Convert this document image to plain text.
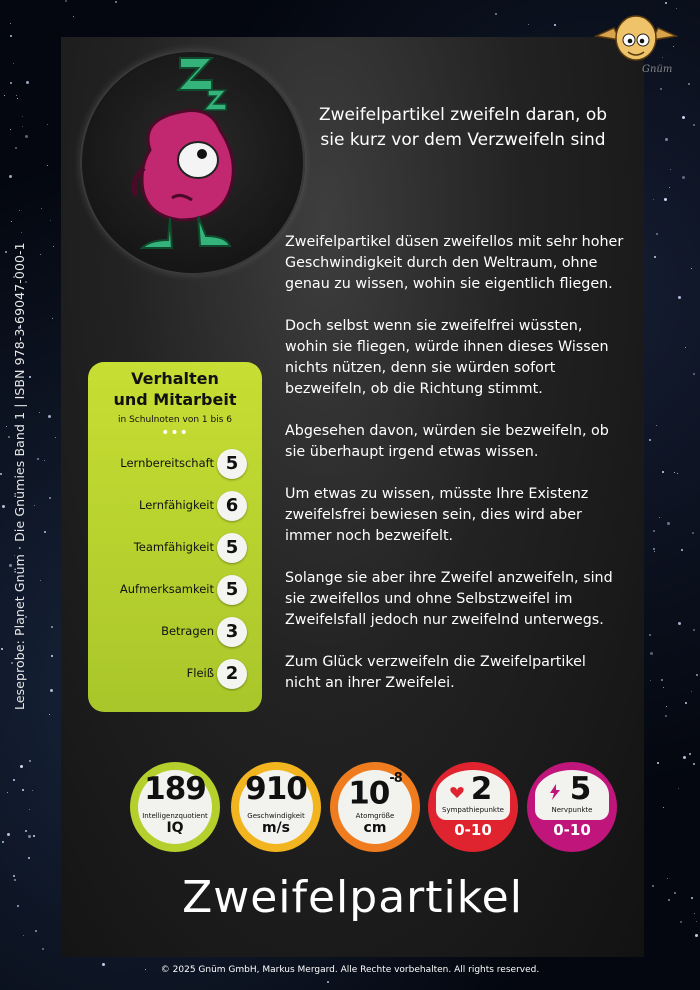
Leseprobe: Planet Gnüm · Die Gnümies Band 1 | ISBN 978-3-69047-000-1
Gnüm
Zweifelpartikel zweifeln daran, ob sie kurz vor dem Verzweifeln sind

Zweifelpartikel düsen zweifellos mit sehr hoher Geschwindigkeit durch den Weltraum, ohne genau zu wissen, wohin sie eigentlich fliegen.

Doch selbst wenn sie zweifelfrei wüssten, wohin sie fliegen, würde ihnen dieses Wissen nichts nützen, denn sie würden sofort bezweifeln, ob die Richtung stimmt.

Abgesehen davon, würden sie bezweifeln, ob sie überhaupt irgend etwas wissen.

Um etwas zu wissen, müsste Ihre Existenz zweifelsfrei bewiesen sein, dies wird aber immer noch bezweifelt.

Solange sie aber ihre Zweifel anzweifeln, sind sie zweifellos und ohne Selbstzweifel im Zweifelsfall jedoch nur zweifelnd unterwegs.

Zum Glück verzweifeln die Zweifelpartikel nicht an ihrer Zweifelei.

Verhalten
und Mitarbeit
in Schulnoten von 1 bis 6
•••
Lernbereitschaft 5
Lernfähigkeit 6
Teamfähigkeit 5
Aufmerksamkeit 5
Betragen 3
Fleiß 2
189
Intelligenzquotient
IQ
910
Geschwindigkeit
m/s
$10^{-8}$
Atomgröße
cm
2
Sympathiepunkte
0-10
5
Nervpunkte
0-10
Zweifelpartikel
© 2025 Gnüm GmbH, Markus Mergard. Alle Rechte vorbehalten. All rights reserved.
